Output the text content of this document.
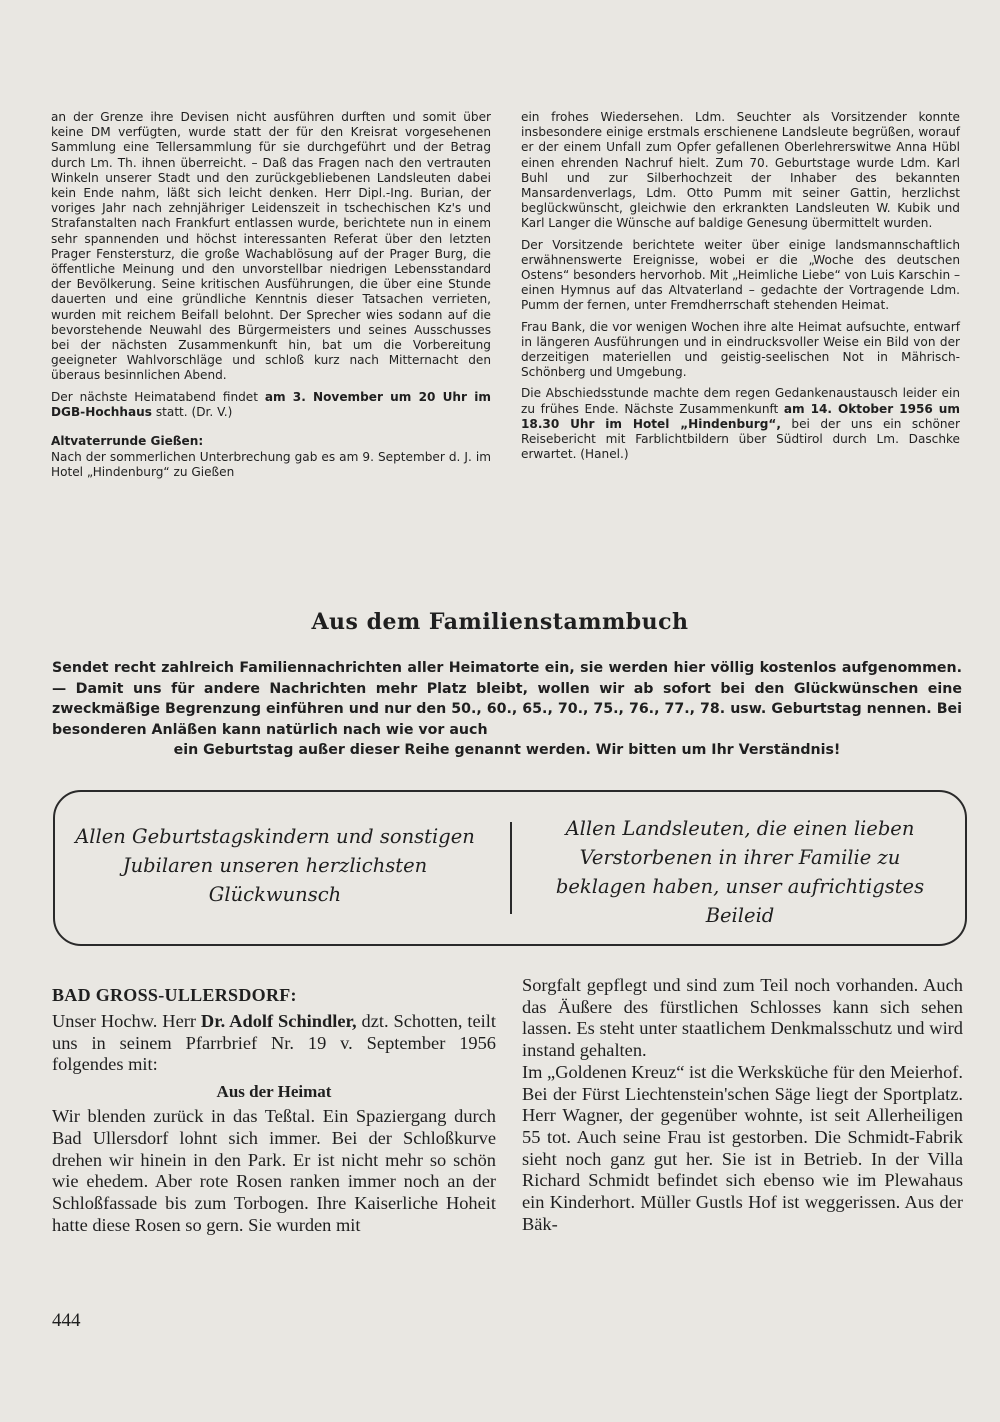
an der Grenze ihre Devisen nicht ausführen durften und somit über keine DM verfügten, wurde statt der für den Kreisrat vorgesehenen Sammlung eine Tellersammlung für sie durchgeführt und der Betrag durch Lm. Th. ihnen überreicht. – Daß das Fragen nach den vertrauten Winkeln unserer Stadt und den zurückgebliebenen Landsleuten dabei kein Ende nahm, läßt sich leicht denken. Herr Dipl.-Ing. Burian, der voriges Jahr nach zehnjähriger Leidenszeit in tschechischen Kz's und Strafanstalten nach Frankfurt entlassen wurde, berichtete nun in einem sehr spannenden und höchst interessanten Referat über den letzten Prager Fenstersturz, die große Wachablösung auf der Prager Burg, die öffentliche Meinung und den unvorstellbar niedrigen Lebensstandard der Bevölkerung. Seine kritischen Ausführungen, die über eine Stunde dauerten und eine gründliche Kenntnis dieser Tatsachen verrieten, wurden mit reichem Beifall belohnt. Der Sprecher wies sodann auf die bevorstehende Neuwahl des Bürgermeisters und seines Ausschusses bei der nächsten Zusammenkunft hin, bat um die Vorbereitung geeigneter Wahlvorschläge und schloß kurz nach Mitternacht den überaus besinnlichen Abend.

Der nächste Heimatabend findet am 3. November um 20 Uhr im DGB-Hochhaus statt. (Dr. V.)

Altvaterrunde Gießen:

Nach der sommerlichen Unterbrechung gab es am 9. September d. J. im Hotel „Hindenburg“ zu Gießen

ein frohes Wiedersehen. Ldm. Seuchter als Vorsitzender konnte insbesondere einige erstmals erschienene Landsleute begrüßen, worauf er der einem Unfall zum Opfer gefallenen Oberlehrerswitwe Anna Hübl einen ehrenden Nachruf hielt. Zum 70. Geburtstage wurde Ldm. Karl Buhl und zur Silberhochzeit der Inhaber des bekannten Mansardenverlags, Ldm. Otto Pumm mit seiner Gattin, herzlichst beglückwünscht, gleichwie den erkrankten Landsleuten W. Kubik und Karl Langer die Wünsche auf baldige Genesung übermittelt wurden.

Der Vorsitzende berichtete weiter über einige landsmannschaftlich erwähnenswerte Ereignisse, wobei er die „Woche des deutschen Ostens“ besonders hervorhob. Mit „Heimliche Liebe“ von Luis Karschin – einen Hymnus auf das Altvaterland – gedachte der Vortragende Ldm. Pumm der fernen, unter Fremdherrschaft stehenden Heimat.

Frau Bank, die vor wenigen Wochen ihre alte Heimat aufsuchte, entwarf in längeren Ausführungen und in eindrucksvoller Weise ein Bild von der derzeitigen materiellen und geistig-seelischen Not in Mährisch-Schönberg und Umgebung.

Die Abschiedsstunde machte dem regen Gedankenaustausch leider ein zu frühes Ende. Nächste Zusammenkunft am 14. Oktober 1956 um 18.30 Uhr im Hotel „Hindenburg“, bei der uns ein schöner Reisebericht mit Farblichtbildern über Südtirol durch Lm. Daschke erwartet. (Hanel.)

Aus dem Familienstammbuch
Sendet recht zahlreich Familiennachrichten aller Heimatorte ein, sie werden hier völlig kostenlos aufgenommen. — Damit uns für andere Nachrichten mehr Platz bleibt, wollen wir ab sofort bei den Glückwünschen eine zweckmäßige Begrenzung einführen und nur den 50., 60., 65., 70., 75., 76., 77., 78. usw. Geburtstag nennen. Bei besonderen Anläßen kann natürlich nach wie vor auch
ein Geburtstag außer dieser Reihe genannt werden. Wir bitten um Ihr Verständnis!
Allen Geburtstagskindern und sonstigen Jubilaren unseren herzlichsten Glückwunsch
Allen Landsleuten, die einen lieben Verstorbenen in ihrer Familie zu beklagen haben, unser aufrichtigstes Beileid
BAD GROSS-ULLERSDORF:

Unser Hochw. Herr Dr. Adolf Schindler, dzt. Schotten, teilt uns in seinem Pfarrbrief Nr. 19 v. September 1956 folgendes mit:

Aus der Heimat

Wir blenden zurück in das Teßtal. Ein Spaziergang durch Bad Ullersdorf lohnt sich immer. Bei der Schloßkurve drehen wir hinein in den Park. Er ist nicht mehr so schön wie ehedem. Aber rote Rosen ranken immer noch an der Schloßfassade bis zum Torbogen. Ihre Kaiserliche Hoheit hatte diese Rosen so gern. Sie wurden mit

Sorgfalt gepflegt und sind zum Teil noch vorhanden. Auch das Äußere des fürstlichen Schlosses kann sich sehen lassen. Es steht unter staatlichem Denkmalsschutz und wird instand gehalten.

Im „Goldenen Kreuz“ ist die Werksküche für den Meierhof. Bei der Fürst Liechtenstein'schen Säge liegt der Sportplatz. Herr Wagner, der gegenüber wohnte, ist seit Allerheiligen 55 tot. Auch seine Frau ist gestorben. Die Schmidt-Fabrik sieht noch ganz gut her. Sie ist in Betrieb. In der Villa Richard Schmidt befindet sich ebenso wie im Plewahaus ein Kinderhort. Müller Gustls Hof ist weggerissen. Aus der Bäk-

444
